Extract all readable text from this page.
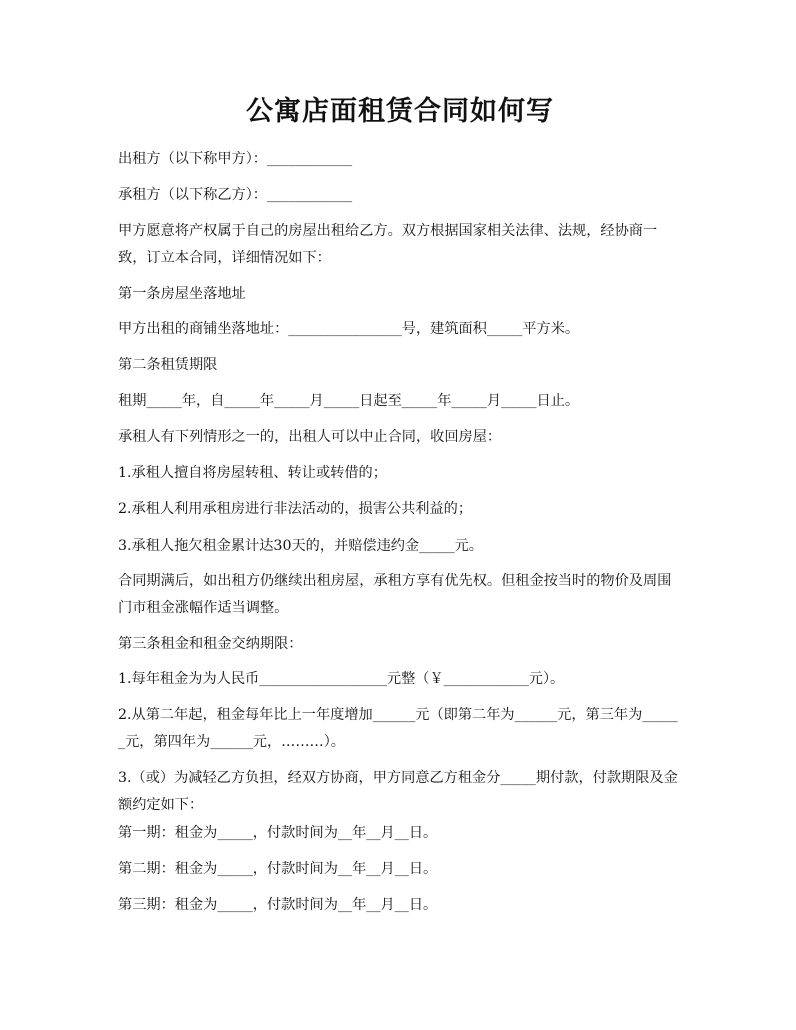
公寓店面租赁合同如何写

出租方（以下称甲方）：____________

承租方（以下称乙方）：____________

甲方愿意将产权属于自己的房屋出租给乙方。双方根据国家相关法律、法规，经协商一致，订立本合同，详细情况如下：

第一条房屋坐落地址

甲方出租的商铺坐落地址：________________号，建筑面积_____平方米。

第二条租赁期限

租期_____年，自_____年_____月_____日起至_____年_____月_____日止。

承租人有下列情形之一的，出租人可以中止合同，收回房屋：

1.承租人擅自将房屋转租、转让或转借的；

2.承租人利用承租房进行非法活动的，损害公共利益的；

3.承租人拖欠租金累计达30天的，并赔偿违约金_____元。

合同期满后，如出租方仍继续出租房屋，承租方享有优先权。但租金按当时的物价及周围门市租金涨幅作适当调整。

第三条租金和租金交纳期限：

1.每年租金为为人民币__________________元整（￥____________元）。

2.从第二年起，租金每年比上一年度增加______元（即第二年为______元，第三年为______元，第四年为______元，………）。

3.（或）为减轻乙方负担，经双方协商，甲方同意乙方租金分_____期付款，付款期限及金额约定如下：

第一期：租金为_____，付款时间为__年__月__日。

第二期：租金为_____，付款时间为__年__月__日。

第三期：租金为_____，付款时间为__年__月__日。
